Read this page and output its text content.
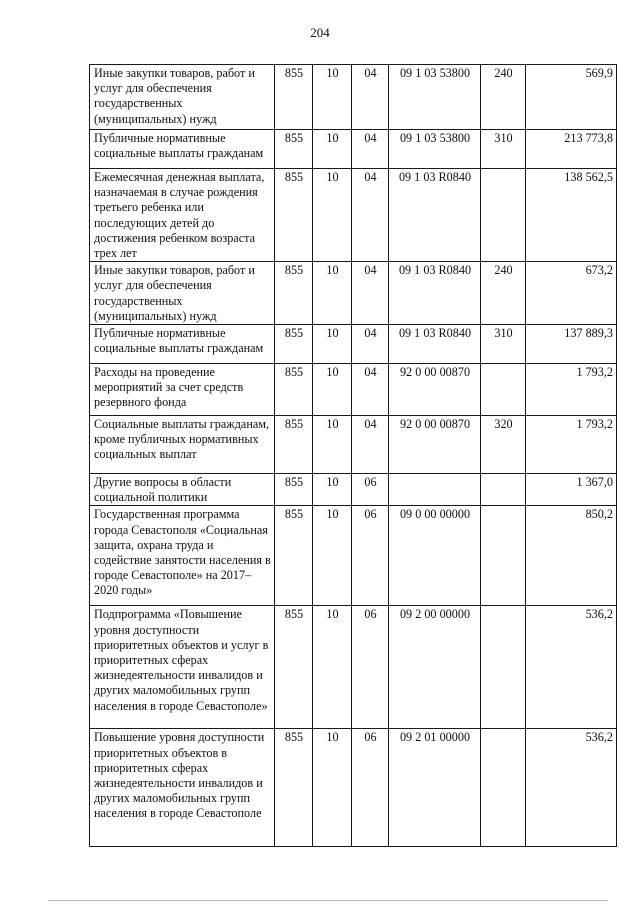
204
Иные закупки товаров, работ и услуг для обеспечения государственных (муниципальных) нужд	855	10	04	09 1 03 53800	240	569,9
Публичные нормативные социальные выплаты гражданам	855	10	04	09 1 03 53800	310	213 773,8
Ежемесячная денежная выплата, назначаемая в случае рождения третьего ребенка или последующих детей до достижения ребенком возраста трех лет	855	10	04	09 1 03 R0840		138 562,5
Иные закупки товаров, работ и услуг для обеспечения государственных (муниципальных) нужд	855	10	04	09 1 03 R0840	240	673,2
Публичные нормативные социальные выплаты гражданам	855	10	04	09 1 03 R0840	310	137 889,3
Расходы на проведение мероприятий за счет средств резервного фонда	855	10	04	92 0 00 00870		1 793,2
Социальные выплаты гражданам, кроме публичных нормативных социальных выплат	855	10	04	92 0 00 00870	320	1 793,2
Другие вопросы в области социальной политики	855	10	06			1 367,0
Государственная программа города Севастополя «Социальная защита, охрана труда и содействие занятости населения в городе Севастополе» на 2017–2020 годы»	855	10	06	09 0 00 00000		850,2
Подпрограмма «Повышение уровня доступности приоритетных объектов и услуг в приоритетных сферах жизнедеятельности инвалидов и других маломобильных групп населения в городе Севастополе»	855	10	06	09 2 00 00000		536,2
Повышение уровня доступности приоритетных объектов в приоритетных сферах жизнедеятельности инвалидов и других маломобильных групп населения в городе Севастополе	855	10	06	09 2 01 00000		536,2
